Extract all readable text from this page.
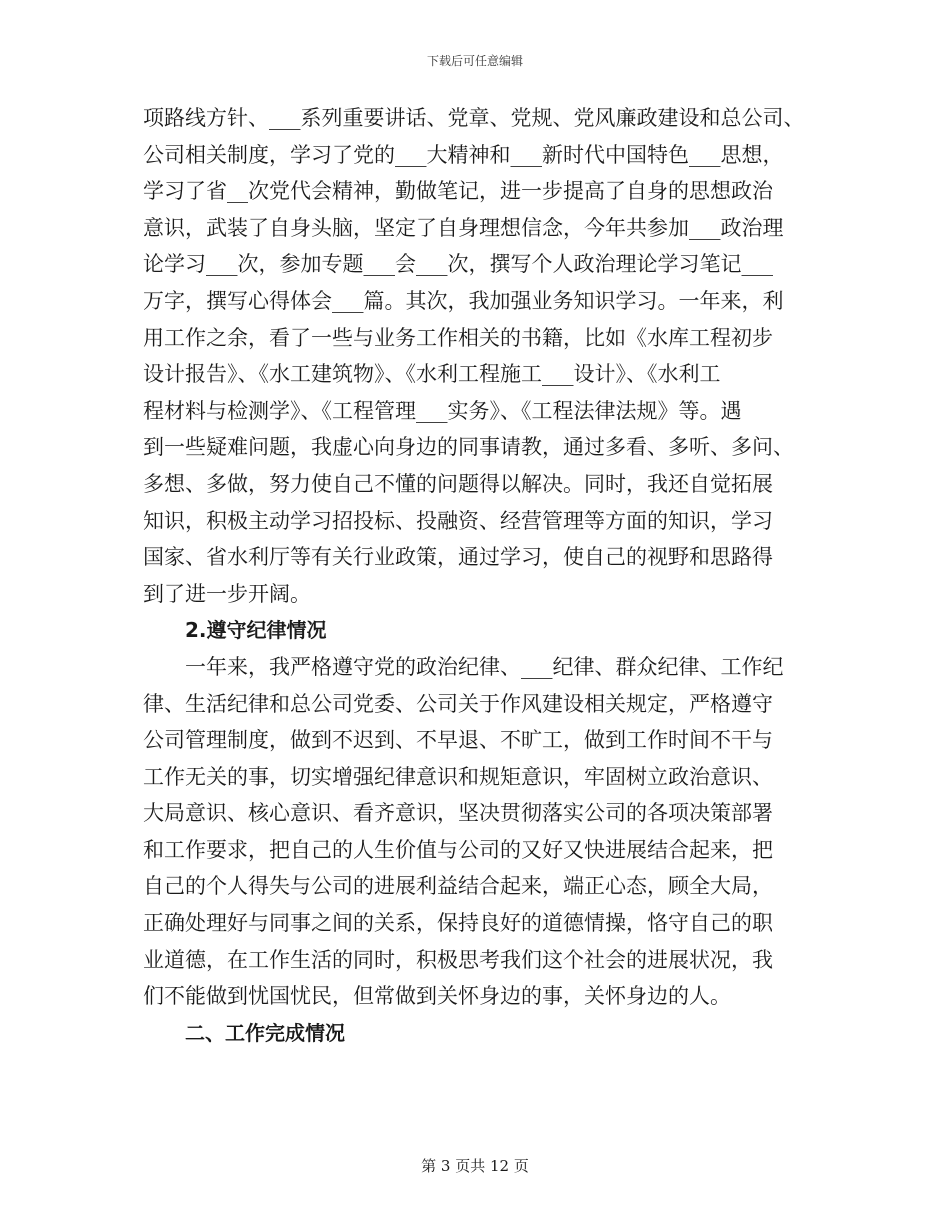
下载后可任意编辑
项路线方针、___系列重要讲话、党章、党规、党风廉政建设和总公司、
公司相关制度，学习了党的___大精神和___新时代中国特色___思想，
学习了省__次党代会精神，勤做笔记，进一步提高了自身的思想政治
意识，武装了自身头脑，坚定了自身理想信念，今年共参加___政治理
论学习___次，参加专题___会___次，撰写个人政治理论学习笔记___
万字，撰写心得体会___篇。其次，我加强业务知识学习。一年来，利
用工作之余，看了一些与业务工作相关的书籍，比如《水库工程初步
设计报告》、《水工建筑物》、《水利工程施工___设计》、《水利工
程材料与检测学》、《工程管理___实务》、《工程法律法规》等。遇
到一些疑难问题，我虚心向身边的同事请教，通过多看、多听、多问、
多想、多做，努力使自己不懂的问题得以解决。同时，我还自觉拓展
知识，积极主动学习招投标、投融资、经营管理等方面的知识，学习
国家、省水利厅等有关行业政策，通过学习，使自己的视野和思路得
到了进一步开阔。
2.遵守纪律情况
一年来，我严格遵守党的政治纪律、___纪律、群众纪律、工作纪
律、生活纪律和总公司党委、公司关于作风建设相关规定，严格遵守
公司管理制度，做到不迟到、不早退、不旷工，做到工作时间不干与
工作无关的事，切实增强纪律意识和规矩意识，牢固树立政治意识、
大局意识、核心意识、看齐意识，坚决贯彻落实公司的各项决策部署
和工作要求，把自己的人生价值与公司的又好又快进展结合起来，把
自己的个人得失与公司的进展利益结合起来，端正心态，顾全大局，
正确处理好与同事之间的关系，保持良好的道德情操，恪守自己的职
业道德，在工作生活的同时，积极思考我们这个社会的进展状况，我
们不能做到忧国忧民，但常做到关怀身边的事，关怀身边的人。
二、工作完成情况
第 3 页共 12 页
